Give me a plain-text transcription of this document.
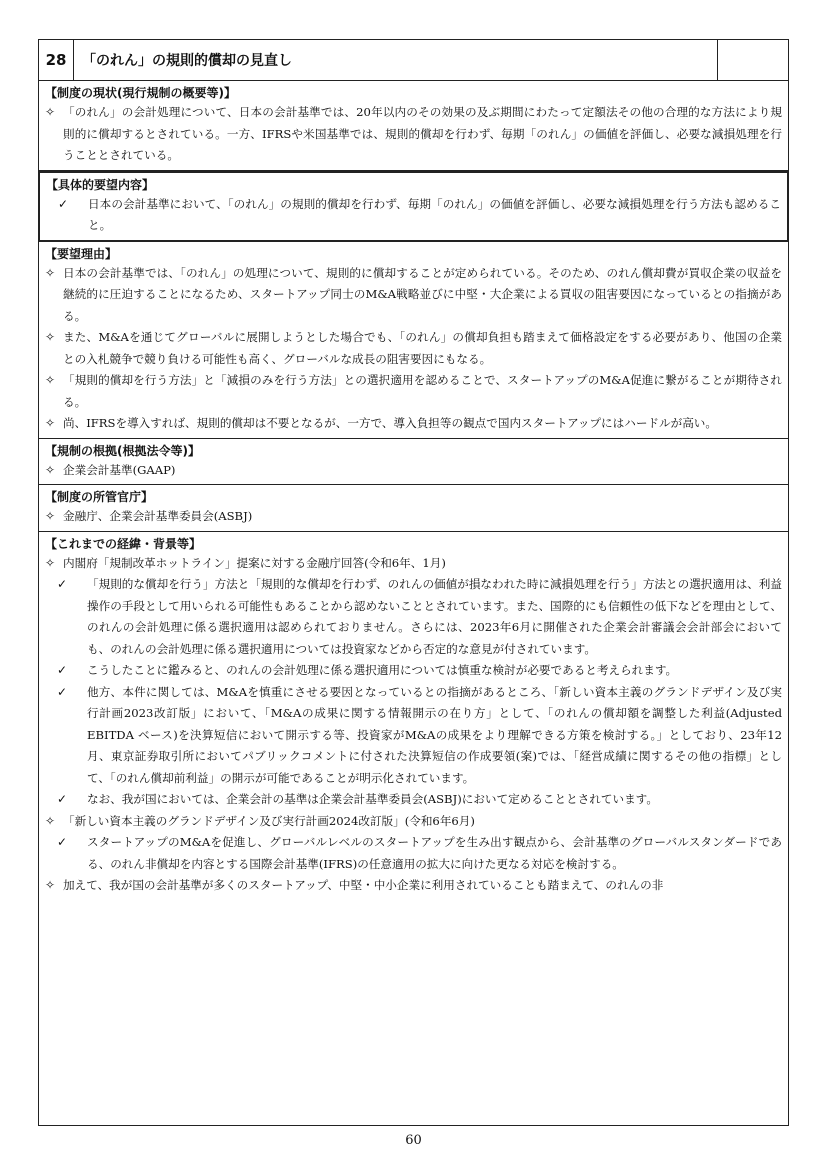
28	「のれん」の規則的償却の見直し
【制度の現状(現行規制の概要等)】
✧ 「のれん」の会計処理について、日本の会計基準では、20年以内のその効果の及ぶ期間にわたって定額法その他の合理的な方法により規則的に償却するとされている。一方、IFRSや米国基準では、規則的償却を行わず、毎期「のれん」の価値を評価し、必要な減損処理を行うこととされている。
【具体的要望内容】
✓	日本の会計基準において、「のれん」の規則的償却を行わず、毎期「のれん」の価値を評価し、必要な減損処理を行う方法も認めること。
【要望理由】
✧ 日本の会計基準では、「のれん」の処理について、規則的に償却することが定められている。そのため、のれん償却費が買収企業の収益を継続的に圧迫することになるため、スタートアップ同士のM&A戦略並びに中堅・大企業による買収の阻害要因になっているとの指摘がある。
✧ また、M&Aを通じてグローバルに展開しようとした場合でも、「のれん」の償却負担も踏まえて価格設定をする必要があり、他国の企業との入札競争で競り負ける可能性も高く、グローバルな成長の阻害要因にもなる。
✧ 「規則的償却を行う方法」と「減損のみを行う方法」との選択適用を認めることで、スタートアップのM&A促進に繋がることが期待される。
✧ 尚、IFRSを導入すれば、規則的償却は不要となるが、一方で、導入負担等の観点で国内スタートアップにはハードルが高い。
【規制の根拠(根拠法令等)】
✧ 企業会計基準(GAAP)
【制度の所管官庁】
✧ 金融庁、企業会計基準委員会(ASBJ)
【これまでの経緯・背景等】
✧ 内閣府「規制改革ホットライン」提案に対する金融庁回答(令和6年、1月)
✓	「規則的な償却を行う」方法と「規則的な償却を行わず、のれんの価値が損なわれた時に減損処理を行う」方法との選択適用は、利益操作の手段として用いられる可能性もあることから認めないこととされています。また、国際的にも信頼性の低下などを理由として、のれんの会計処理に係る選択適用は認められておりません。さらには、2023年6月に開催された企業会計審議会会計部会においても、のれんの会計処理に係る選択適用については投資家などから否定的な意見が付されています。
✓	こうしたことに鑑みると、のれんの会計処理に係る選択適用については慎重な検討が必要であると考えられます。
✓	他方、本件に関しては、M&Aを慎重にさせる要因となっているとの指摘があるところ、「新しい資本主義のグランドデザイン及び実行計画2023改訂版」において、「M&Aの成果に関する情報開示の在り方」として、「のれんの償却額を調整した利益(Adjusted EBITDA ベース)を決算短信において開示する等、投資家がM&Aの成果をより理解できる方策を検討する。」としており、23年12月、東京証券取引所においてパブリックコメントに付された決算短信の作成要領(案)では、「経営成績に関するその他の指標」として、「のれん償却前利益」の開示が可能であることが明示化されています。
✓	なお、我が国においては、企業会計の基準は企業会計基準委員会(ASBJ)において定めることとされています。
✧ 「新しい資本主義のグランドデザイン及び実行計画2024改訂版」(令和6年6月)
✓	スタートアップのM&Aを促進し、グローバルレベルのスタートアップを生み出す観点から、会計基準のグローバルスタンダードである、のれん非償却を内容とする国際会計基準(IFRS)の任意適用の拡大に向けた更なる対応を検討する。
✧ 加えて、我が国の会計基準が多くのスタートアップ、中堅・中小企業に利用されていることも踏まえて、のれんの非
60
